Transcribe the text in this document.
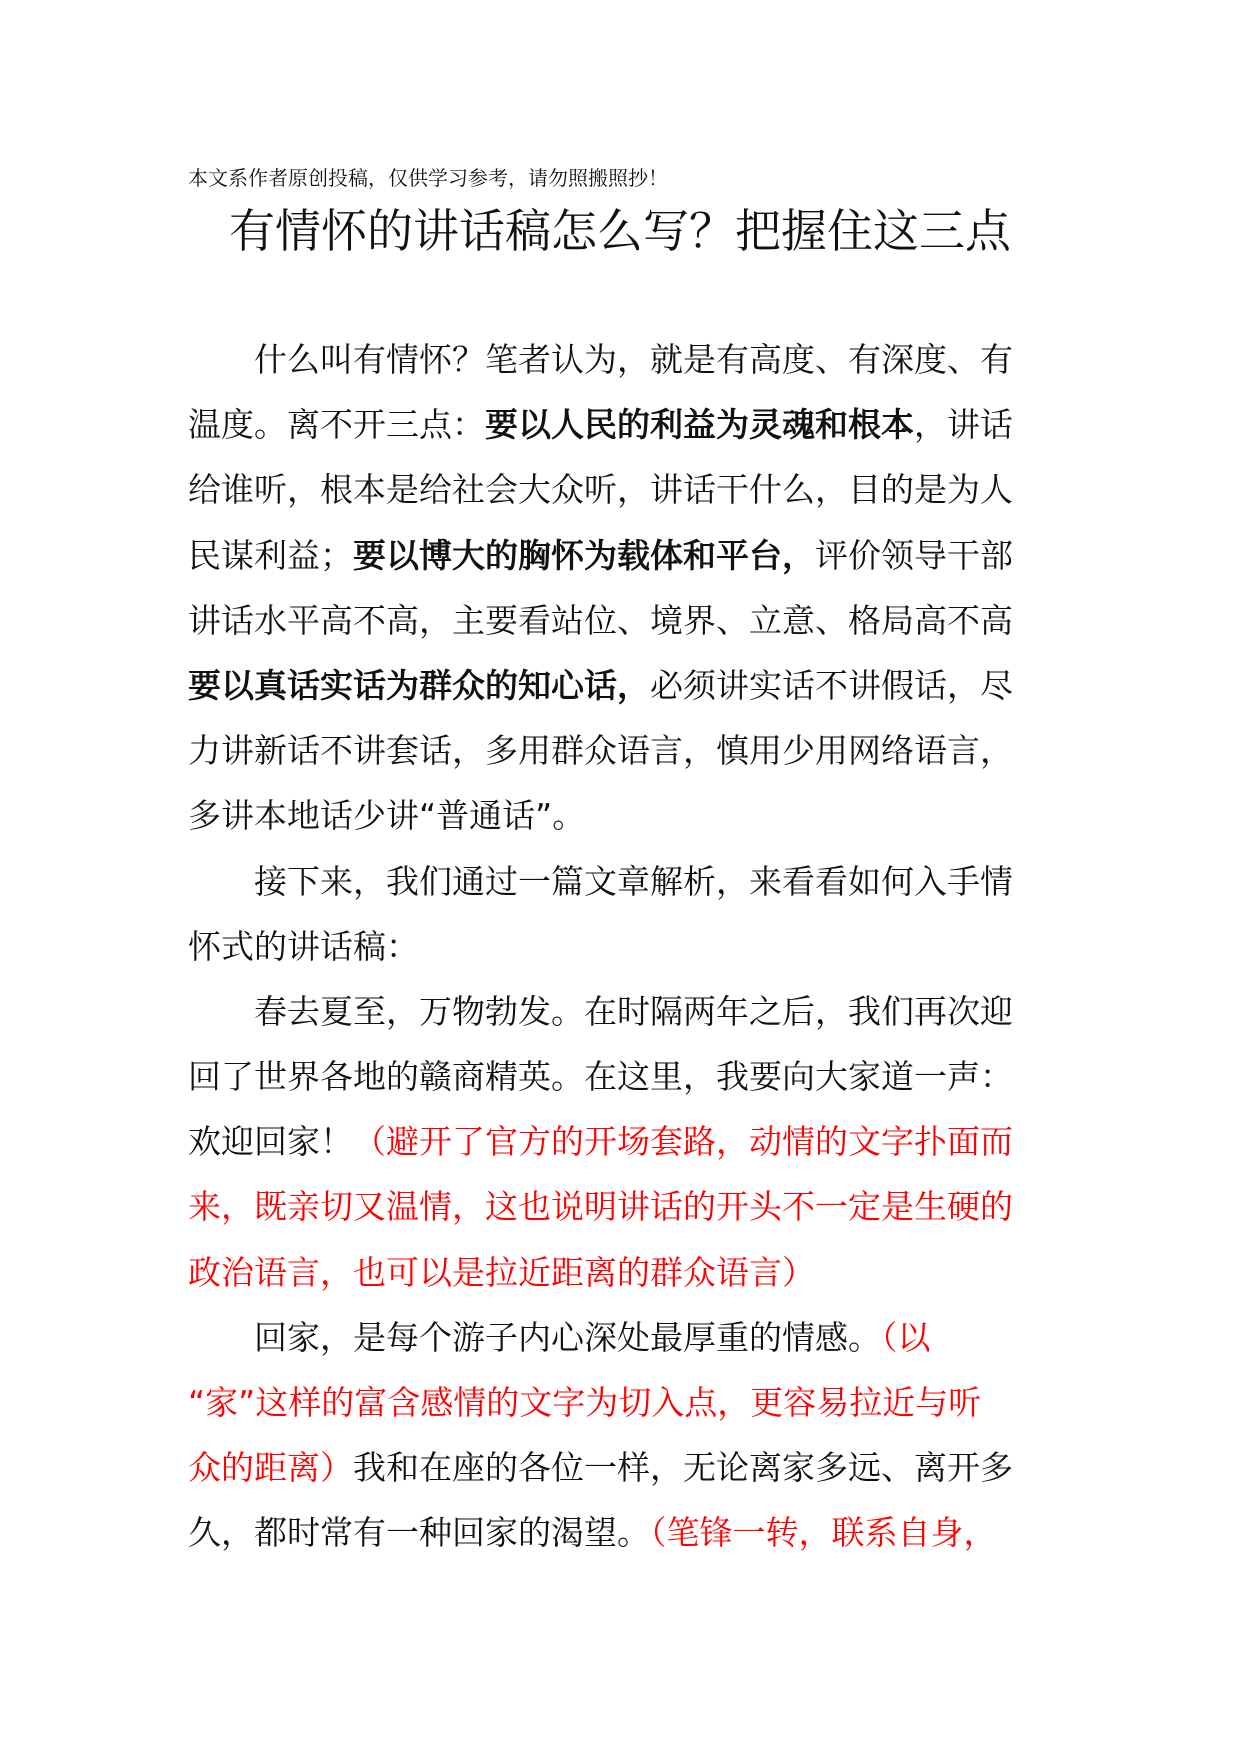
本文系作者原创投稿，仅供学习参考，请勿照搬照抄！
有情怀的讲话稿怎么写？把握住这三点
什么叫有情怀？笔者认为，就是有高度、有深度、有
温度。离不开三点：要以人民的利益为灵魂和根本，讲话
给谁听，根本是给社会大众听，讲话干什么，目的是为人
民谋利益；要以博大的胸怀为载体和平台，评价领导干部
讲话水平高不高，主要看站位、境界、立意、格局高不高
要以真话实话为群众的知心话，必须讲实话不讲假话，尽
力讲新话不讲套话，多用群众语言，慎用少用网络语言，
多讲本地话少讲“普通话”。
接下来，我们通过一篇文章解析，来看看如何入手情
怀式的讲话稿：
春去夏至，万物勃发。在时隔两年之后，我们再次迎
回了世界各地的赣商精英。在这里，我要向大家道一声：
欢迎回家！（避开了官方的开场套路，动情的文字扑面而
来，既亲切又温情，这也说明讲话的开头不一定是生硬的
政治语言，也可以是拉近距离的群众语言）
回家，是每个游子内心深处最厚重的情感。（以
“家”这样的富含感情的文字为切入点，更容易拉近与听
众的距离）我和在座的各位一样，无论离家多远、离开多
久，都时常有一种回家的渴望。（笔锋一转，联系自身，
